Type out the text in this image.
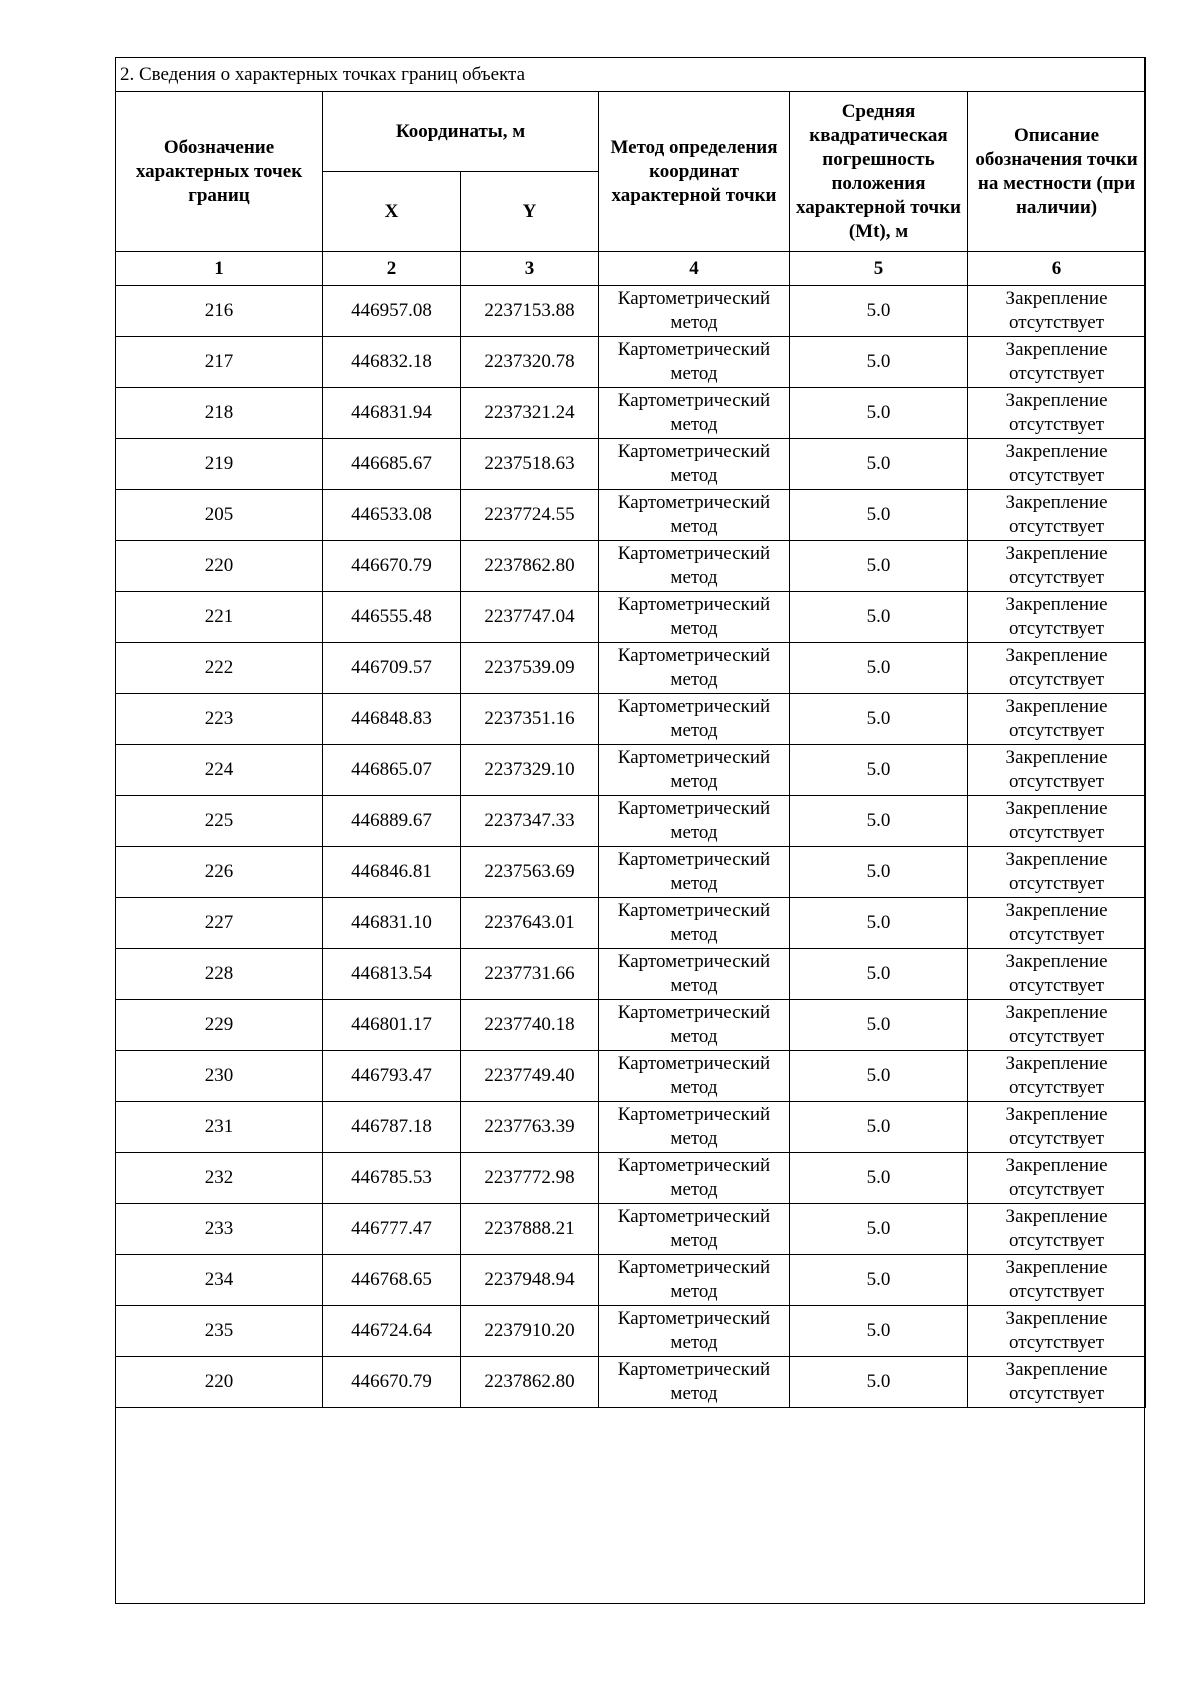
2. Сведения о характерных точках границ объекта					
Обозначение характерных точек границ	Координаты, м		Метод определения координат характерной точки	Средняя квадратическая погрешность положения характерной точки (Mt), м	Описание обозначения точки на местности (при наличии)
	X	Y			
1	2	3	4	5	6
216	446957.08	2237153.88	Картометрический метод	5.0	Закрепление отсутствует
217	446832.18	2237320.78	Картометрический метод	5.0	Закрепление отсутствует
218	446831.94	2237321.24	Картометрический метод	5.0	Закрепление отсутствует
219	446685.67	2237518.63	Картометрический метод	5.0	Закрепление отсутствует
205	446533.08	2237724.55	Картометрический метод	5.0	Закрепление отсутствует
220	446670.79	2237862.80	Картометрический метод	5.0	Закрепление отсутствует
221	446555.48	2237747.04	Картометрический метод	5.0	Закрепление отсутствует
222	446709.57	2237539.09	Картометрический метод	5.0	Закрепление отсутствует
223	446848.83	2237351.16	Картометрический метод	5.0	Закрепление отсутствует
224	446865.07	2237329.10	Картометрический метод	5.0	Закрепление отсутствует
225	446889.67	2237347.33	Картометрический метод	5.0	Закрепление отсутствует
226	446846.81	2237563.69	Картометрический метод	5.0	Закрепление отсутствует
227	446831.10	2237643.01	Картометрический метод	5.0	Закрепление отсутствует
228	446813.54	2237731.66	Картометрический метод	5.0	Закрепление отсутствует
229	446801.17	2237740.18	Картометрический метод	5.0	Закрепление отсутствует
230	446793.47	2237749.40	Картометрический метод	5.0	Закрепление отсутствует
231	446787.18	2237763.39	Картометрический метод	5.0	Закрепление отсутствует
232	446785.53	2237772.98	Картометрический метод	5.0	Закрепление отсутствует
233	446777.47	2237888.21	Картометрический метод	5.0	Закрепление отсутствует
234	446768.65	2237948.94	Картометрический метод	5.0	Закрепление отсутствует
235	446724.64	2237910.20	Картометрический метод	5.0	Закрепление отсутствует
220	446670.79	2237862.80	Картометрический метод	5.0	Закрепление отсутствует
